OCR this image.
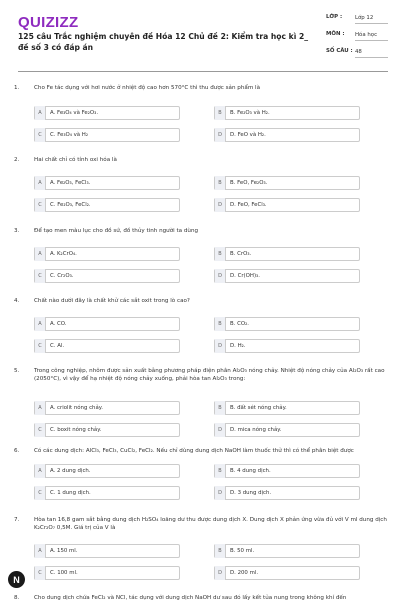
QUIZIZZ
125 câu Trắc nghiệm chuyên đề Hóa 12 Chủ đề 2: Kiểm tra học kì 2_ đề số 3 có đáp án
LỚP :	Lớp 12
MÔN :	Hóa học
SỐ CÂU : 48
1.	Cho Fe tác dụng với hơi nước ở nhiệt độ cao hơn 570°C thì thu được sản phẩm là
A	A. Fe₃O₄ và Fe₂O₃.	B	B. Fe₂O₃ và H₂.
C	C. Fe₃O₄ và H₂	D	D. FeO và H₂.
2.	Hai chất chỉ có tính oxi hóa là
A	A. Fe₂O₃, FeCl₃.	B	B. FeO, Fe₂O₃.
C	C. Fe₂O₃, FeCl₂.	D	D. FeO, FeCl₃.
3.	Để tạo men màu lục cho đồ sứ, đồ thủy tinh người ta dùng
A	A. K₂CrO₄.	B	B. CrO₃.
C	C. Cr₂O₃.	D	D. Cr(OH)₃.
4.	Chất nào dưới đây là chất khử các sắt oxit trong lò cao?
A	A. CO.	B	B. CO₂.
C	C. Al.	D	D. H₂.
5.	Trong công nghiệp, nhôm được sản xuất bằng phương pháp điện phân Al₂O₃ nóng chảy. Nhiệt độ nóng chảy của Al₂O₃ rất cao (2050°C), vì vậy để hạ nhiệt độ nóng chảy xuống, phải hòa tan Al₂O₃ trong:
A	A. criolit nóng chảy.	B	B. đất sét nóng chảy.
C	C. boxit nóng chảy.	D	D. mica nóng chảy.
6.	Có các dung dịch: AlCl₃, FeCl₃, CuCl₂, FeCl₂. Nếu chỉ dùng dung dịch NaOH làm thuốc thử thì có thể phân biệt được
A	A. 2 dung dịch.	B	B. 4 dung dịch.
C	C. 1 dung dịch.	D	D. 3 dung dịch.
7.	Hòa tan 16,8 gam sắt bằng dung dịch H₂SO₄ loãng dư thu được dung dịch X. Dung dịch X phản ứng vừa đủ với V ml dung dịch K₂Cr₂O₇ 0,5M. Giá trị của V là
A	A. 150 ml.	B	B. 50 ml.
C	C. 100 ml.	D	D. 200 ml.
8.	Cho dung dịch chứa FeCl₂ và NCl, tác dụng với dung dịch NaOH dư sau đó lấy kết tủa nung trong không khí đến
N
